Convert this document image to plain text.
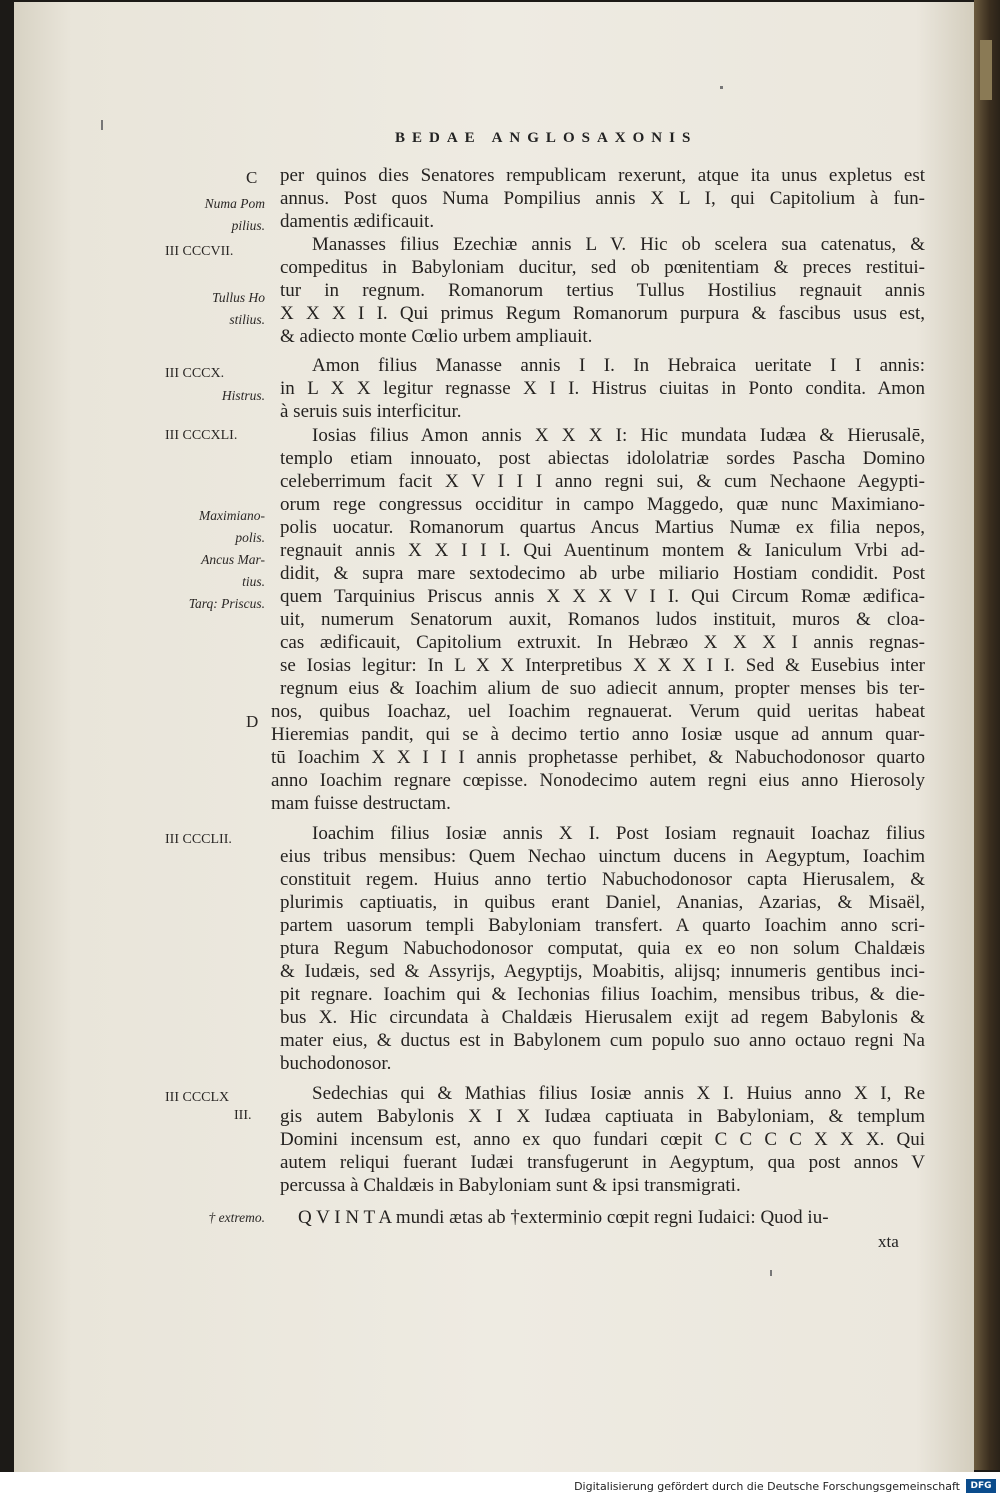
BEDAE ANGLOSAXONIS
per quinos dies Senatores rempublicam rexerunt, atque ita unus expletus est
annus. Post quos Numa Pompilius annis X L I, qui Capitolium à fun-
damentis ædificauit.
Manasses filius Ezechiæ annis L V. Hic ob scelera sua catenatus, &
compeditus in Babyloniam ducitur, sed ob pœnitentiam & preces restitui-
tur in regnum. Romanorum tertius Tullus Hostilius regnauit annis
X X X I I. Qui primus Regum Romanorum purpura & fascibus usus est,
& adiecto monte Cœlio urbem ampliauit.
Amon filius Manasse annis I I. In Hebraica ueritate I I annis:
in L X X legitur regnasse X I I. Histrus ciuitas in Ponto condita. Amon
à seruis suis interficitur.
Iosias filius Amon annis X X X I: Hic mundata Iudæa & Hierusalē,
templo etiam innouato, post abiectas idololatriæ sordes Pascha Domino
celeberrimum facit X V I I I anno regni sui, & cum Nechaone Aegypti-
orum rege congressus occiditur in campo Maggedo, quæ nunc Maximiano-
polis uocatur. Romanorum quartus Ancus Martius Numæ ex filia nepos,
regnauit annis X X I I I. Qui Auentinum montem & Ianiculum Vrbi ad-
didit, & supra mare sextodecimo ab urbe miliario Hostiam condidit. Post
quem Tarquinius Priscus annis X X X V I I. Qui Circum Romæ ædifica-
uit, numerum Senatorum auxit, Romanos ludos instituit, muros & cloa-
cas ædificauit, Capitolium extruxit. In Hebræo X X X I annis regnas-
se Iosias legitur: In L X X Interpretibus X X X I I. Sed & Eusebius inter
regnum eius & Ioachim alium de suo adiecit annum, propter menses bis ter-
nos, quibus Ioachaz, uel Ioachim regnauerat. Verum quid ueritas habeat
Hieremias pandit, qui se à decimo tertio anno Iosiæ usque ad annum quar-
tū Ioachim X X I I I annis prophetasse perhibet, & Nabuchodonosor quarto
anno Ioachim regnare cœpisse. Nonodecimo autem regni eius anno Hierosoly
mam fuisse destructam.
Ioachim filius Iosiæ annis X I. Post Iosiam regnauit Ioachaz filius
eius tribus mensibus: Quem Nechao uinctum ducens in Aegyptum, Ioachim
constituit regem. Huius anno tertio Nabuchodonosor capta Hierusalem, &
plurimis captiuatis, in quibus erant Daniel, Ananias, Azarias, & Misaël,
partem uasorum templi Babyloniam transfert. A quarto Ioachim anno scri-
ptura Regum Nabuchodonosor computat, quia ex eo non solum Chaldæis
& Iudæis, sed & Assyrijs, Aegyptijs, Moabitis, alijsq; innumeris gentibus inci-
pit regnare. Ioachim qui & Iechonias filius Ioachim, mensibus tribus, & die-
bus X. Hic circundata à Chaldæis Hierusalem exijt ad regem Babylonis &
mater eius, & ductus est in Babylonem cum populo suo anno octauo regni Na
buchodonosor.
Sedechias qui & Mathias filius Iosiæ annis X I. Huius anno X I, Re
gis autem Babylonis X I X Iudæa captiuata in Babyloniam, & templum
Domini incensum est, anno ex quo fundari cœpit C C C C X X X. Qui
autem reliqui fuerant Iudæi transfugerunt in Aegyptum, qua post annos V
percussa à Chaldæis in Babyloniam sunt & ipsi transmigrati.
Q V I N T A mundi ætas ab †exterminio cœpit regni Iudaici: Quod iu-
C
D
III CCCVII.
III CCCX.
III CCCXLI.
III CCCLII.
III CCCLX
III.
Numa Pom
pilius.
Tullus Ho
stilius.
Histrus.
Maximiano-
polis.
Ancus Mar-
tius.
Tarq: Priscus.
† extremo.
xta
Digitalisierung gefördert durch die Deutsche Forschungsgemeinschaft	DFG
